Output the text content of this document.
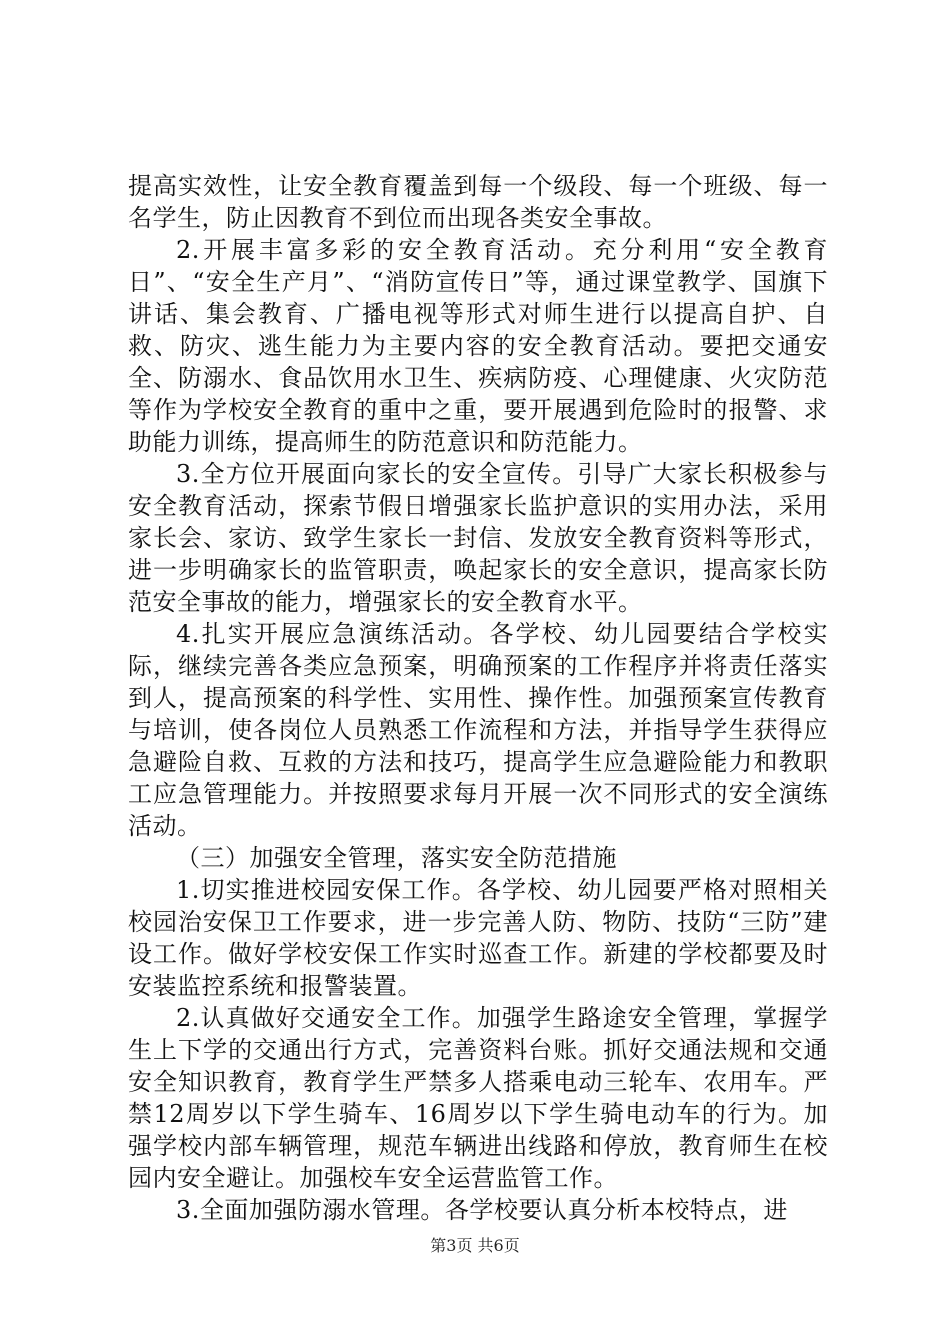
提高实效性，让安全教育覆盖到每一个级段、每一个班级、每一名学生，防止因教育不到位而出现各类安全事故。

2.开展丰富多彩的安全教育活动。充分利用“安全教育日”、“安全生产月”、“消防宣传日”等，通过课堂教学、国旗下讲话、集会教育、广播电视等形式对师生进行以提高自护、自救、防灾、逃生能力为主要内容的安全教育活动。要把交通安全、防溺水、食品饮用水卫生、疾病防疫、心理健康、火灾防范等作为学校安全教育的重中之重，要开展遇到危险时的报警、求助能力训练，提高师生的防范意识和防范能力。

3.全方位开展面向家长的安全宣传。引导广大家长积极参与安全教育活动，探索节假日增强家长监护意识的实用办法，采用家长会、家访、致学生家长一封信、发放安全教育资料等形式，进一步明确家长的监管职责，唤起家长的安全意识，提高家长防范安全事故的能力，增强家长的安全教育水平。

4.扎实开展应急演练活动。各学校、幼儿园要结合学校实际，继续完善各类应急预案，明确预案的工作程序并将责任落实到人，提高预案的科学性、实用性、操作性。加强预案宣传教育与培训，使各岗位人员熟悉工作流程和方法，并指导学生获得应急避险自救、互救的方法和技巧，提高学生应急避险能力和教职工应急管理能力。并按照要求每月开展一次不同形式的安全演练活动。

（三）加强安全管理，落实安全防范措施

1.切实推进校园安保工作。各学校、幼儿园要严格对照相关校园治安保卫工作要求，进一步完善人防、物防、技防“三防”建设工作。做好学校安保工作实时巡查工作。新建的学校都要及时安装监控系统和报警装置。

2.认真做好交通安全工作。加强学生路途安全管理，掌握学生上下学的交通出行方式，完善资料台账。抓好交通法规和交通安全知识教育，教育学生严禁多人搭乘电动三轮车、农用车。严禁12周岁以下学生骑车、16周岁以下学生骑电动车的行为。加强学校内部车辆管理，规范车辆进出线路和停放，教育师生在校园内安全避让。加强校车安全运营监管工作。

3.全面加强防溺水管理。各学校要认真分析本校特点，进

第3页 共6页
